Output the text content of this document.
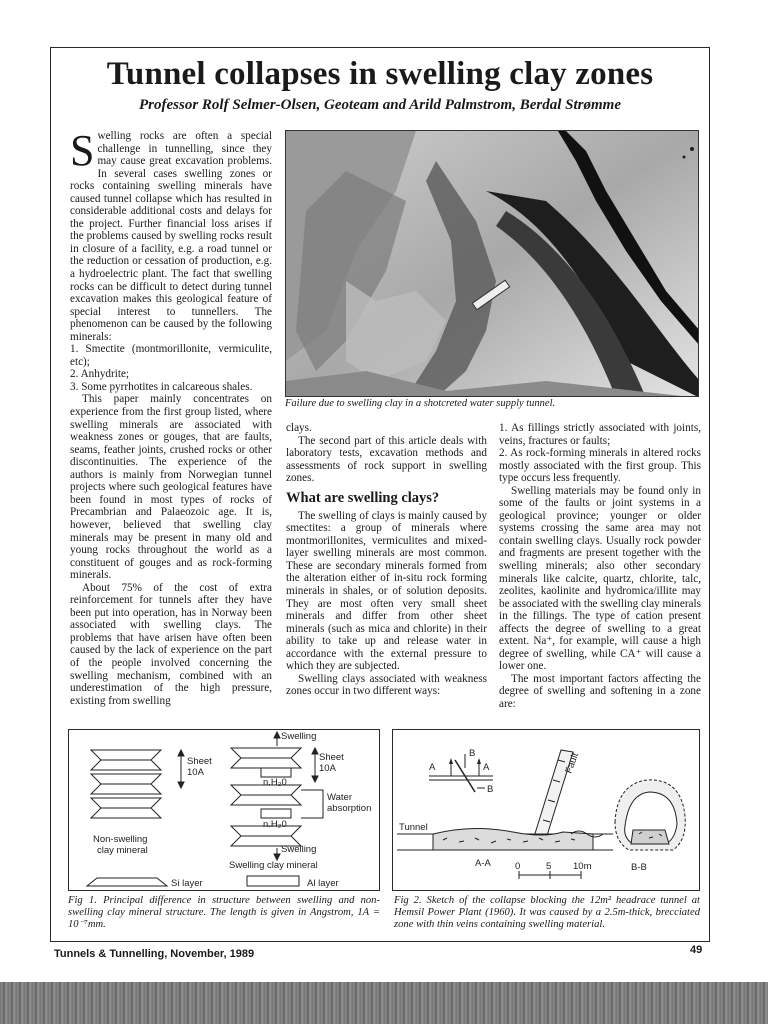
Tunnel collapses in swelling clay zones
Professor Rolf Selmer-Olsen, Geoteam and Arild Palmstrom, Berdal Strømme

Swelling rocks are often a special challenge in tunnelling, since they may cause great excavation problems. In several cases swelling zones or rocks containing swelling minerals have caused tunnel collapse which has resulted in considerable additional costs and delays for the project. Further financial loss arises if the problems caused by swelling rocks result in closure of a facility, e.g. a road tunnel or the reduction or cessation of production, e.g. a hydroelectric plant. The fact that swelling rocks can be difficult to detect during tunnel excavation makes this geological feature of special interest to tunnellers. The phenomenon can be caused by the following minerals:

1. Smectite (montmorillonite, vermiculite, etc);

2. Anhydrite;

3. Some pyrrhotites in calcareous shales.

This paper mainly concentrates on experience from the first group listed, where swelling minerals are associated with weakness zones or gouges, that are faults, seams, feather joints, crushed rocks or other discontinuities. The experience of the authors is mainly from Norwegian tunnel projects where such geological features have been found in most types of rocks of Precambrian and Palaeozoic age. It is, however, believed that swelling clay minerals may be present in many old and young rocks throughout the world as a constituent of gouges and as rock-forming minerals.

About 75% of the cost of extra reinforcement for tunnels after they have been put into operation, has in Norway been associated with swelling clays. The problems that have arisen have often been caused by the lack of experience on the part of the people involved concerning the swelling mechanism, combined with an underestimation of the high pressure, existing from swelling

Failure due to swelling clay in a shotcreted water supply tunnel.

clays.

The second part of this article deals with laboratory tests, excavation methods and assessments of rock support in swelling zones.

What are swelling clays?

The swelling of clays is mainly caused by smectites: a group of minerals where montmorillonites, vermiculites and mixed-layer swelling minerals are most common. These are secondary minerals formed from the alteration either of in-situ rock forming minerals in shales, or of solution deposits. They are most often very small sheet minerals and differ from other sheet minerals (such as mica and chlorite) in their ability to take up and release water in accordance with the external pressure to which they are subjected.

Swelling clays associated with weakness zones occur in two different ways:

1. As fillings strictly associated with joints, veins, fractures or faults;

2. As rock-forming minerals in altered rocks mostly associated with the first group. This type occurs less frequently.

Swelling materials may be found only in some of the faults or joint systems in a geological province; younger or older systems crossing the same area may not contain swelling clays. Usually rock powder and fragments are present together with the swelling minerals; also other secondary minerals like calcite, quartz, chlorite, talc, zeolites, kaolinite and hydromica/illite may be associated with the swelling clay minerals in the fillings. The type of cation present affects the degree of swelling to a great extent. Na⁺, for example, will cause a high degree of swelling, while CA⁺ will cause a lower one.

The most important factors affecting the degree of swelling and softening in a zone are:

Swelling
Sheet
10A
Sheet
10A
n.H₂0
n.H₂0
Water
absorption
Non-swelling
clay mineral	Swelling
Swelling clay mineral
Si layer	Al layer
Fig 1. Principal difference in structure between swelling and non-swelling clay mineral structure. The length is given in Angstrom, 1A = 10⁻⁷mm.
A
B
A
B
Fault
Tunnel
A-A	0	5 10m	B-B
Fig 2. Sketch of the collapse blocking the 12m² headrace tunnel at Hemsil Power Plant (1960). It was caused by a 2.5m-thick, brecciated zone with thin veins containing swelling material.
Tunnels & Tunnelling, November, 1989	49
